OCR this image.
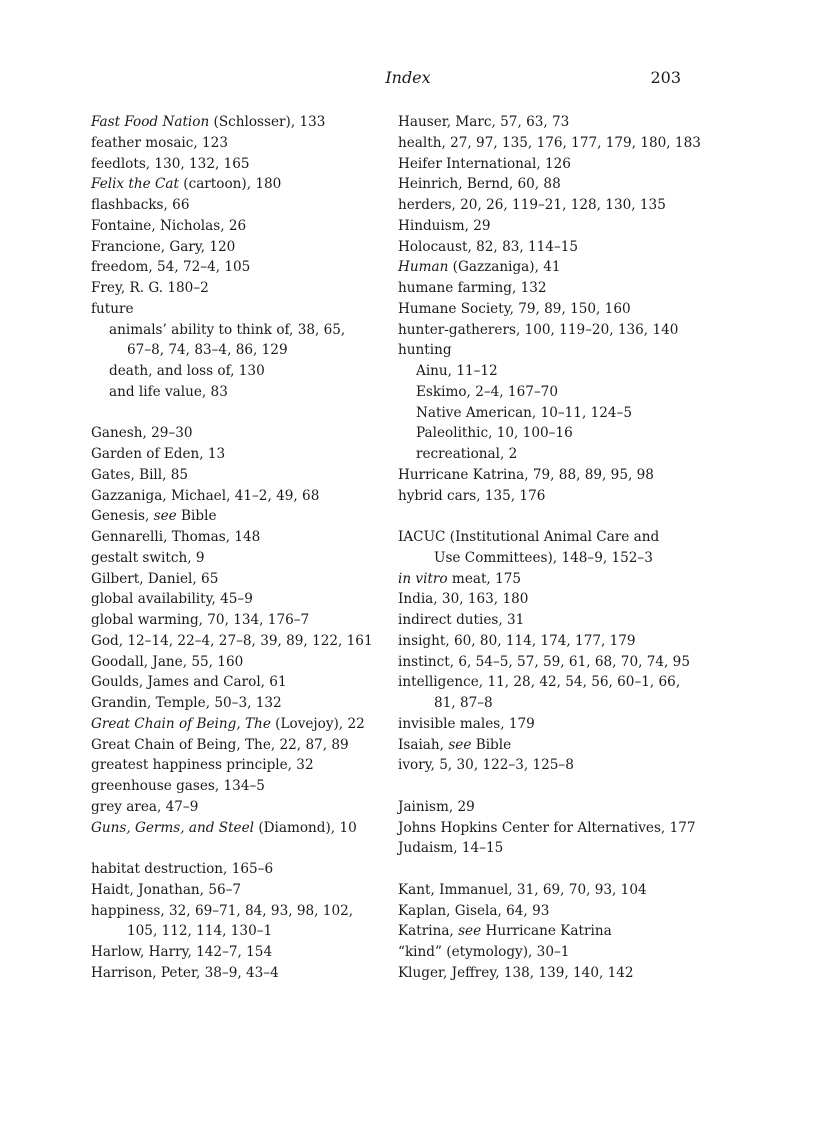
Index	203
Fast Food Nation (Schlosser), 133
feather mosaic, 123
feedlots, 130, 132, 165
Felix the Cat (cartoon), 180
flashbacks, 66
Fontaine, Nicholas, 26
Francione, Gary, 120
freedom, 54, 72–4, 105
Frey, R. G. 180–2
future
animals’ ability to think of, 38, 65,
67–8, 74, 83–4, 86, 129
death, and loss of, 130
and life value, 83
Ganesh, 29–30
Garden of Eden, 13
Gates, Bill, 85
Gazzaniga, Michael, 41–2, 49, 68
Genesis, see Bible
Gennarelli, Thomas, 148
gestalt switch, 9
Gilbert, Daniel, 65
global availability, 45–9
global warming, 70, 134, 176–7
God, 12–14, 22–4, 27–8, 39, 89, 122, 161
Goodall, Jane, 55, 160
Goulds, James and Carol, 61
Grandin, Temple, 50–3, 132
Great Chain of Being, The (Lovejoy), 22
Great Chain of Being, The, 22, 87, 89
greatest happiness principle, 32
greenhouse gases, 134–5
grey area, 47–9
Guns, Germs, and Steel (Diamond), 10
habitat destruction, 165–6
Haidt, Jonathan, 56–7
happiness, 32, 69–71, 84, 93, 98, 102,
105, 112, 114, 130–1
Harlow, Harry, 142–7, 154
Harrison, Peter, 38–9, 43–4
Hauser, Marc, 57, 63, 73
health, 27, 97, 135, 176, 177, 179, 180, 183
Heifer International, 126
Heinrich, Bernd, 60, 88
herders, 20, 26, 119–21, 128, 130, 135
Hinduism, 29
Holocaust, 82, 83, 114–15
Human (Gazzaniga), 41
humane farming, 132
Humane Society, 79, 89, 150, 160
hunter-gatherers, 100, 119–20, 136, 140
hunting
Ainu, 11–12
Eskimo, 2–4, 167–70
Native American, 10–11, 124–5
Paleolithic, 10, 100–16
recreational, 2
Hurricane Katrina, 79, 88, 89, 95, 98
hybrid cars, 135, 176
IACUC (Institutional Animal Care and
Use Committees), 148–9, 152–3
in vitro meat, 175
India, 30, 163, 180
indirect duties, 31
insight, 60, 80, 114, 174, 177, 179
instinct, 6, 54–5, 57, 59, 61, 68, 70, 74, 95
intelligence, 11, 28, 42, 54, 56, 60–1, 66,
81, 87–8
invisible males, 179
Isaiah, see Bible
ivory, 5, 30, 122–3, 125–8
Jainism, 29
Johns Hopkins Center for Alternatives, 177
Judaism, 14–15
Kant, Immanuel, 31, 69, 70, 93, 104
Kaplan, Gisela, 64, 93
Katrina, see Hurricane Katrina
“kind” (etymology), 30–1
Kluger, Jeffrey, 138, 139, 140, 142
